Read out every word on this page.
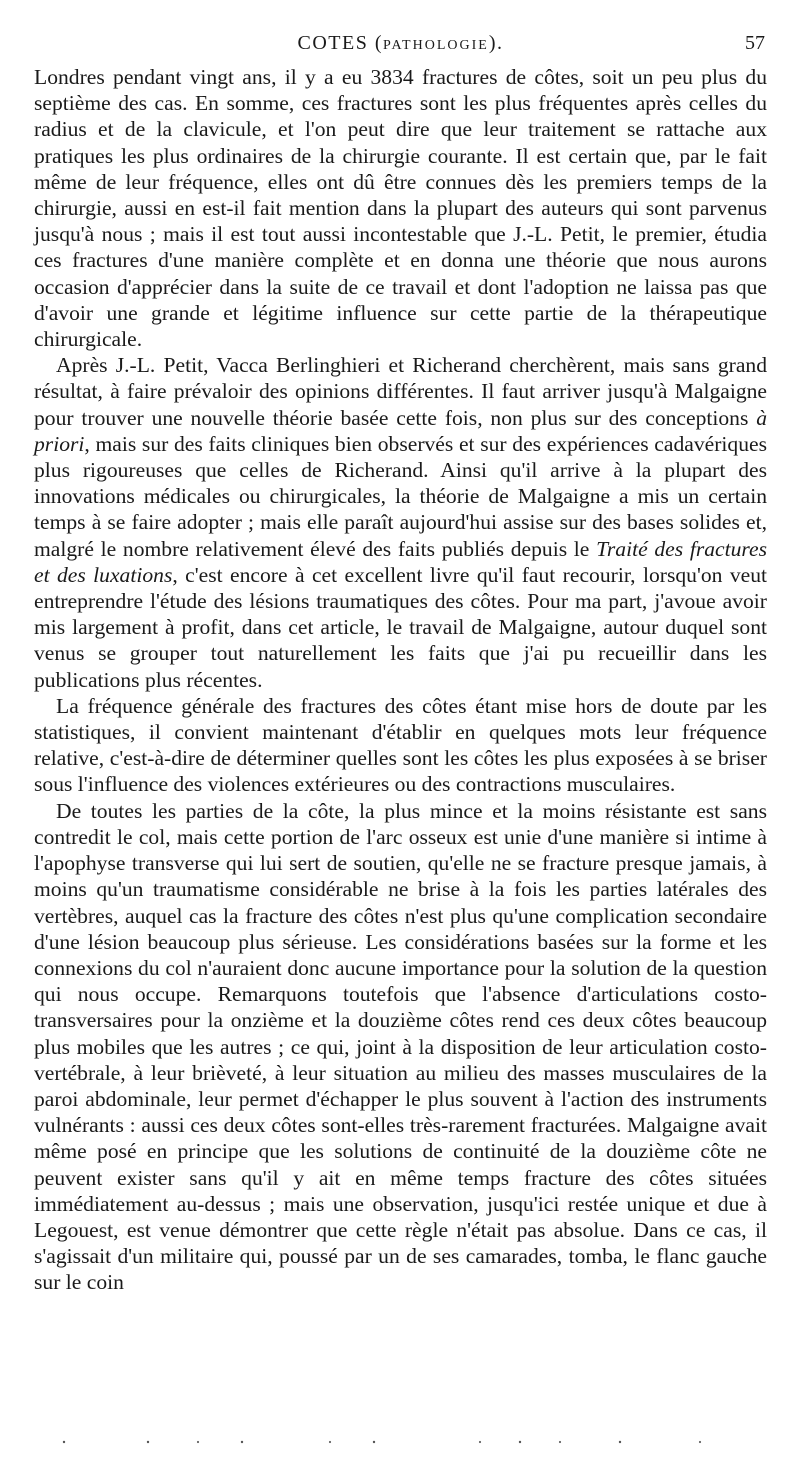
COTES (PATHOLOGIE).	57

Londres pendant vingt ans, il y a eu 3834 fractures de côtes, soit un peu plus du septième des cas. En somme, ces fractures sont les plus fréquentes après celles du radius et de la clavicule, et l'on peut dire que leur traitement se rattache aux pratiques les plus ordinaires de la chirurgie courante. Il est certain que, par le fait même de leur fréquence, elles ont dû être connues dès les premiers temps de la chirurgie, aussi en est-il fait mention dans la plupart des auteurs qui sont parvenus jusqu'à nous ; mais il est tout aussi incontestable que J.-L. Petit, le premier, étudia ces fractures d'une manière complète et en donna une théorie que nous aurons occasion d'apprécier dans la suite de ce travail et dont l'adoption ne laissa pas que d'avoir une grande et légitime influence sur cette partie de la thérapeutique chirurgicale.

Après J.-L. Petit, Vacca Berlinghieri et Richerand cherchèrent, mais sans grand résultat, à faire prévaloir des opinions différentes. Il faut arriver jusqu'à Malgaigne pour trouver une nouvelle théorie basée cette fois, non plus sur des conceptions à priori, mais sur des faits cliniques bien observés et sur des expériences cadavériques plus rigoureuses que celles de Richerand. Ainsi qu'il arrive à la plupart des innovations médicales ou chirurgicales, la théorie de Malgaigne a mis un certain temps à se faire adopter ; mais elle paraît aujourd'hui assise sur des bases solides et, malgré le nombre relativement élevé des faits publiés depuis le Traité des fractures et des luxations, c'est encore à cet excellent livre qu'il faut recourir, lorsqu'on veut entreprendre l'étude des lésions traumatiques des côtes. Pour ma part, j'avoue avoir mis largement à profit, dans cet article, le travail de Malgaigne, autour duquel sont venus se grouper tout naturellement les faits que j'ai pu recueillir dans les publications plus récentes.

La fréquence générale des fractures des côtes étant mise hors de doute par les statistiques, il convient maintenant d'établir en quelques mots leur fréquence relative, c'est-à-dire de déterminer quelles sont les côtes les plus exposées à se briser sous l'influence des violences extérieures ou des contractions musculaires.

De toutes les parties de la côte, la plus mince et la moins résistante est sans contredit le col, mais cette portion de l'arc osseux est unie d'une manière si intime à l'apophyse transverse qui lui sert de soutien, qu'elle ne se fracture presque jamais, à moins qu'un traumatisme considérable ne brise à la fois les parties latérales des vertèbres, auquel cas la fracture des côtes n'est plus qu'une complication secondaire d'une lésion beaucoup plus sérieuse. Les considérations basées sur la forme et les connexions du col n'auraient donc aucune importance pour la solution de la question qui nous occupe. Remarquons toutefois que l'absence d'articulations costo-transversaires pour la onzième et la douzième côtes rend ces deux côtes beaucoup plus mobiles que les autres ; ce qui, joint à la disposition de leur articulation costo-vertébrale, à leur brièveté, à leur situation au milieu des masses musculaires de la paroi abdominale, leur permet d'échapper le plus souvent à l'action des instruments vulnérants : aussi ces deux côtes sont-elles très-rarement fracturées. Malgaigne avait même posé en principe que les solutions de continuité de la douzième côte ne peuvent exister sans qu'il y ait en même temps fracture des côtes situées immédiatement au-dessus ; mais une observation, jusqu'ici restée unique et due à Legouest, est venue démontrer que cette règle n'était pas absolue. Dans ce cas, il s'agissait d'un militaire qui, poussé par un de ses camarades, tomba, le flanc gauche sur le coin
